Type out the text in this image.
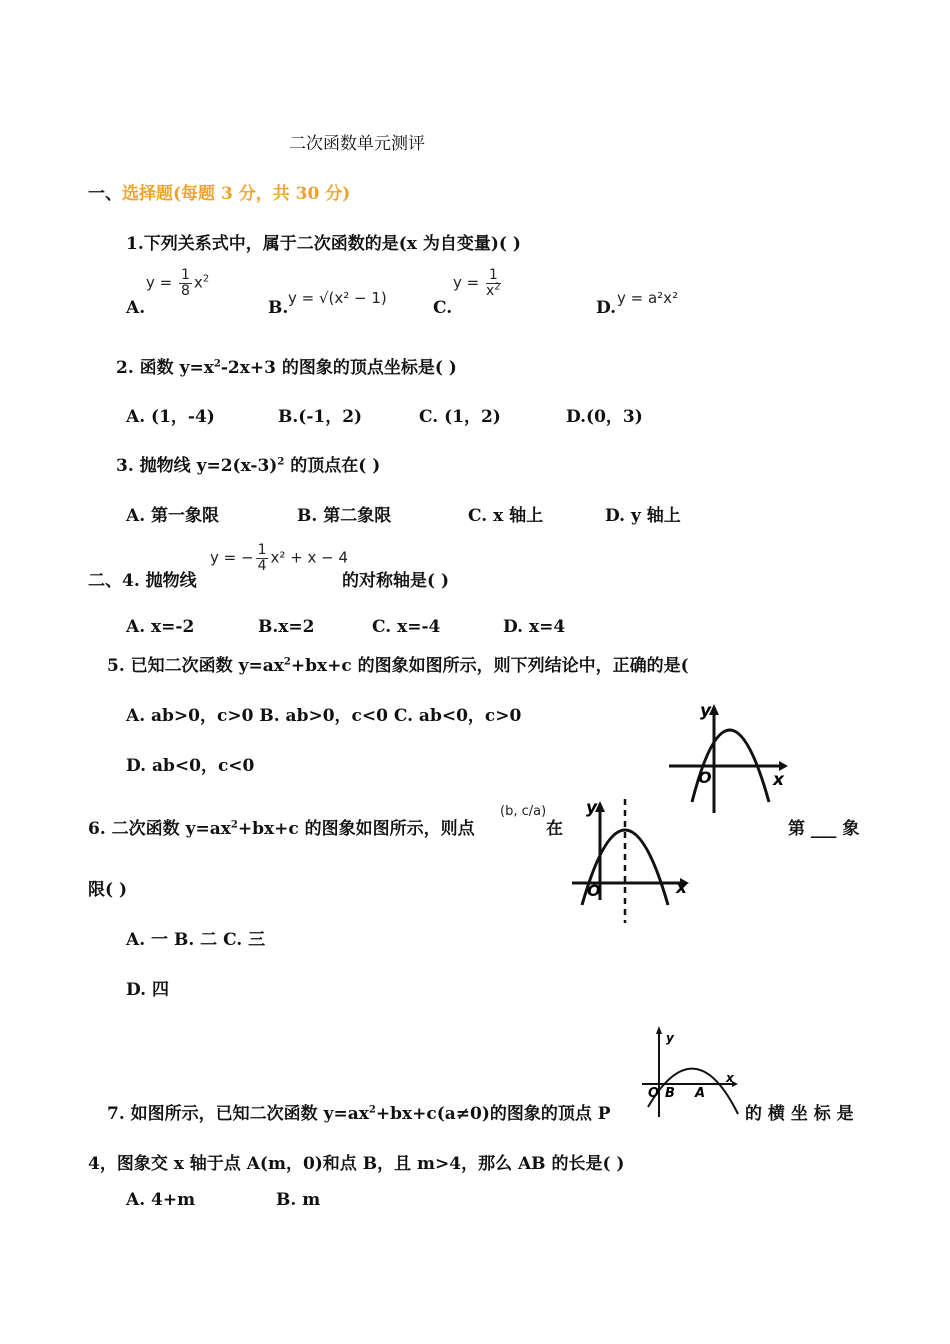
二次函数单元测评
一、选择题(每题 3 分，共 30 分)
1.下列关系式中，属于二次函数的是(x 为自变量)( )
A.
$y = \frac{1}{8} x^2$
B. y = √(x² − 1)	C.
$y = \frac{1}{x^2}$
D. y = a²x²
2. 函数 $y=x^2-2x+3$ 的图象的顶点坐标是( )
A. (1，-4)	B.(-1，2)	C. (1，2)	D.(0，3)
3. 抛物线 $y=2(x-3)^2$ 的顶点在( )
A. 第一象限	B. 第二象限	C. x 轴上	D. y 轴上
二、4. 抛物线
y = − $\frac{1}{4} x^2 + x - 4$
的对称轴是( )
A. x=-2	B.x=2	C. x=-4	D. x=4
5. 已知二次函数 $y=ax^2+bx+c$ 的图象如图所示，则下列结论中，正确的是(
A. ab>0，c>0 B. ab>0，c<0 C. ab<0，c>0
D. ab<0，c<0
y
x
O
6. 二次函数 $y=ax^2+bx+c$ 的图象如图所示，则点
(b, c/a)
在	第 ___ 象
限( )
A. 一 B. 二 C. 三
D. 四
y
x
O
y
x
O B A
7. 如图所示，已知二次函数 $y=ax^2+bx+c(a\ne 0)$的图象的顶点 P	的 横 坐 标 是
4，图象交 x 轴于点 A(m，0)和点 B，且 m>4，那么 AB 的长是( )
A. 4+m	B. m
